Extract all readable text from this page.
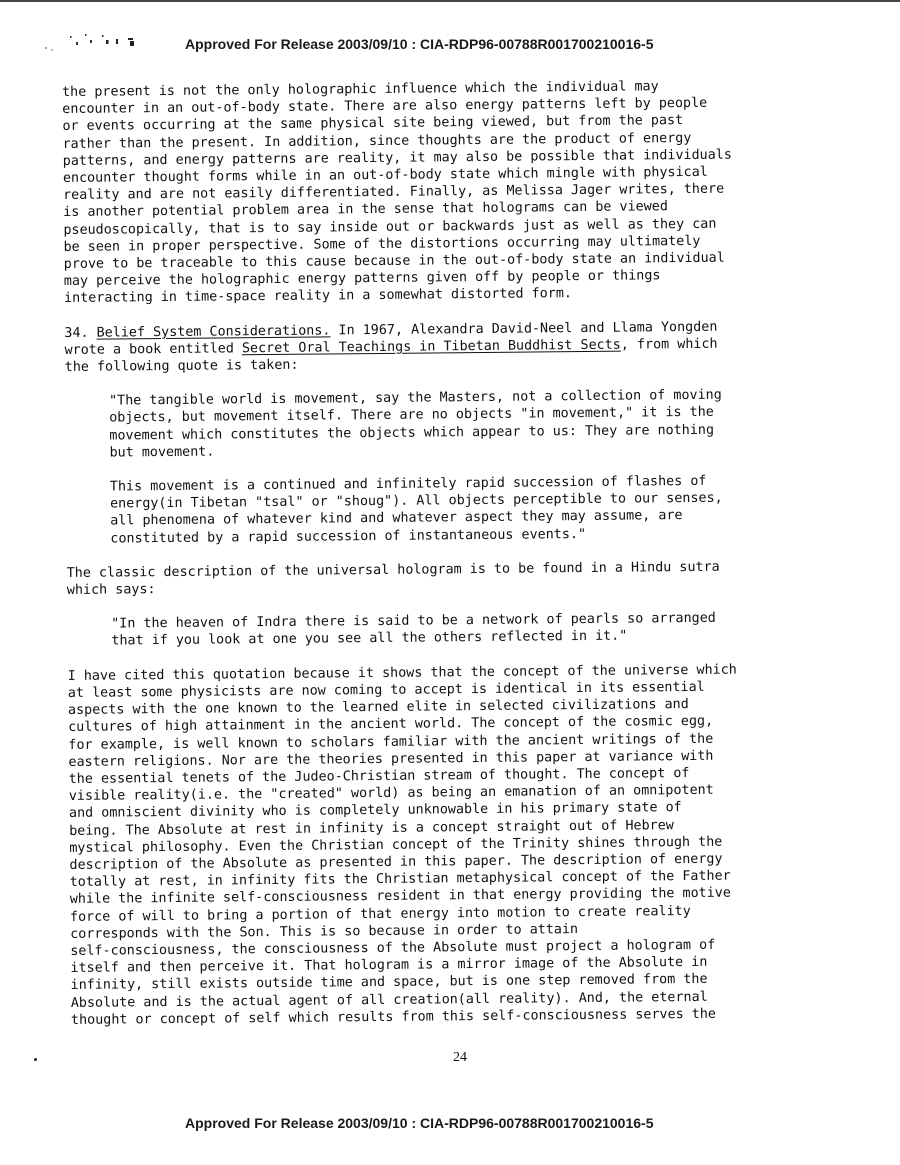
Approved For Release 2003/09/10 : CIA-RDP96-00788R001700210016-5
the present is not the only holographic influence which the individual may
encounter in an out-of-body state. There are also energy patterns left by people
or events occurring at the same physical site being viewed, but from the past
rather than the present. In addition, since thoughts are the product of energy
patterns, and energy patterns are reality, it may also be possible that individuals
encounter thought forms while in an out-of-body state which mingle with physical
reality and are not easily differentiated. Finally, as Melissa Jager writes, there
is another potential problem area in the sense that holograms can be viewed
pseudoscopically, that is to say inside out or backwards just as well as they can
be seen in proper perspective. Some of the distortions occurring may ultimately
prove to be traceable to this cause because in the out-of-body state an individual
may perceive the holographic energy patterns given off by people or things
interacting in time-space reality in a somewhat distorted form.
34. Belief System Considerations. In 1967, Alexandra David-Neel and Llama Yongden
wrote a book entitled Secret Oral Teachings in Tibetan Buddhist Sects, from which
the following quote is taken:
"The tangible world is movement, say the Masters, not a collection of moving
objects, but movement itself. There are no objects "in movement," it is the
movement which constitutes the objects which appear to us: They are nothing
but movement.
This movement is a continued and infinitely rapid succession of flashes of
energy(in Tibetan "tsal" or "shoug"). All objects perceptible to our senses,
all phenomena of whatever kind and whatever aspect they may assume, are
constituted by a rapid succession of instantaneous events."
The classic description of the universal hologram is to be found in a Hindu sutra
which says:
"In the heaven of Indra there is said to be a network of pearls so arranged
that if you look at one you see all the others reflected in it."
I have cited this quotation because it shows that the concept of the universe which
at least some physicists are now coming to accept is identical in its essential
aspects with the one known to the learned elite in selected civilizations and
cultures of high attainment in the ancient world. The concept of the cosmic egg,
for example, is well known to scholars familiar with the ancient writings of the
eastern religions. Nor are the theories presented in this paper at variance with
the essential tenets of the Judeo-Christian stream of thought. The concept of
visible reality(i.e. the "created" world) as being an emanation of an omnipotent
and omniscient divinity who is completely unknowable in his primary state of
being. The Absolute at rest in infinity is a concept straight out of Hebrew
mystical philosophy. Even the Christian concept of the Trinity shines through the
description of the Absolute as presented in this paper. The description of energy
totally at rest, in infinity fits the Christian metaphysical concept of the Father
while the infinite self-consciousness resident in that energy providing the motive
force of will to bring a portion of that energy into motion to create reality
corresponds with the Son. This is so because in order to attain
self-consciousness, the consciousness of the Absolute must project a hologram of
itself and then perceive it. That hologram is a mirror image of the Absolute in
infinity, still exists outside time and space, but is one step removed from the
Absolute and is the actual agent of all creation(all reality). And, the eternal
thought or concept of self which results from this self-consciousness serves the
24
Approved For Release 2003/09/10 : CIA-RDP96-00788R001700210016-5
